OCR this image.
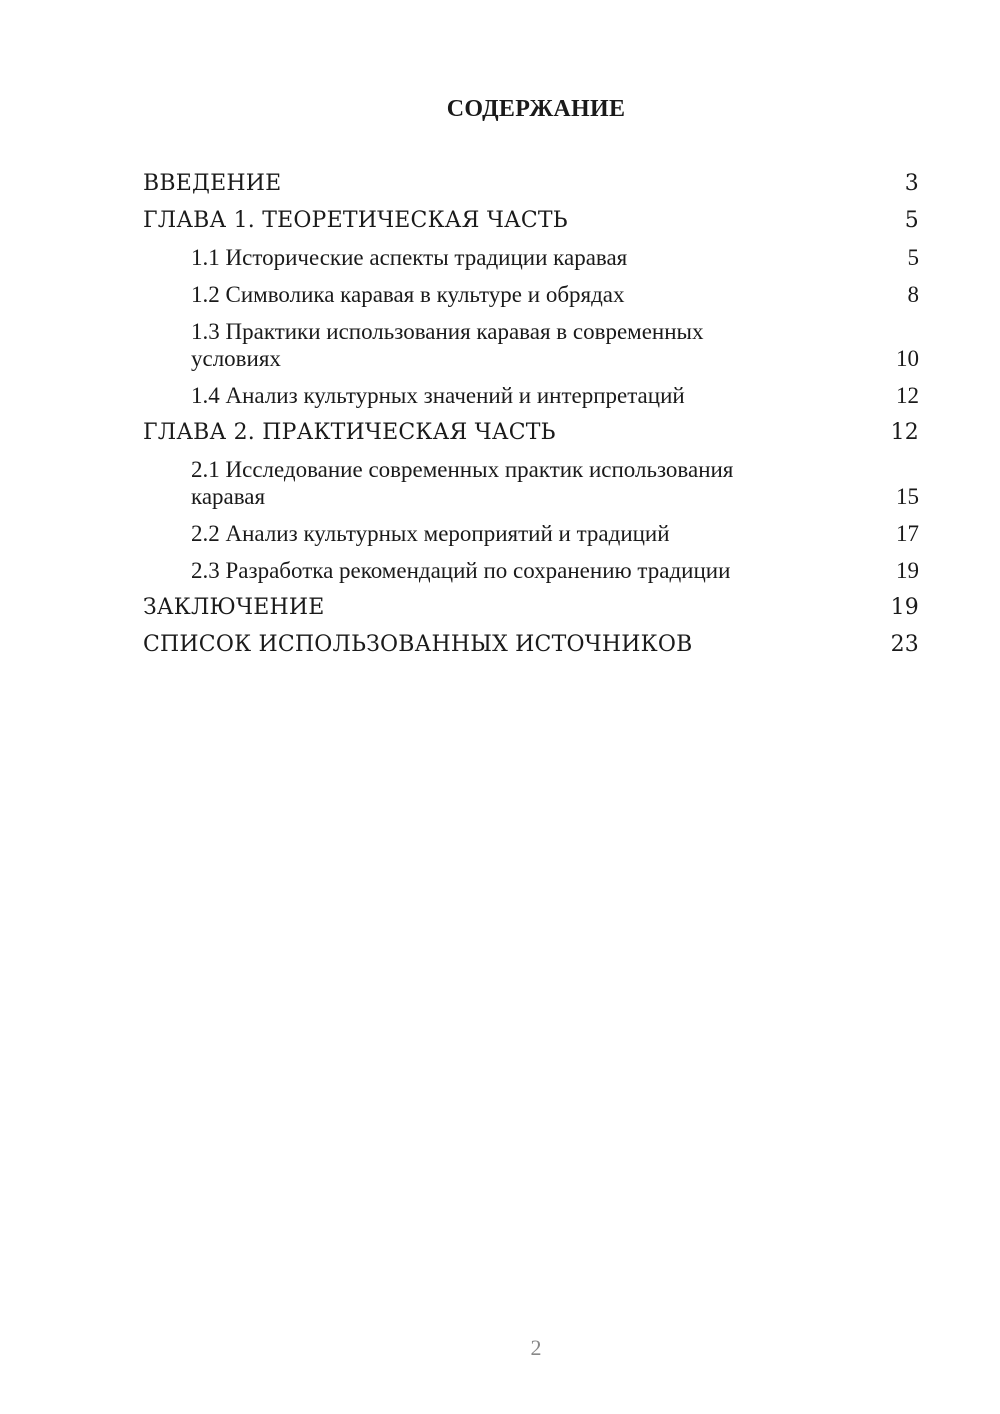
СОДЕРЖАНИЕ
ВВЕДЕНИЕ	3
ГЛАВА 1. ТЕОРЕТИЧЕСКАЯ ЧАСТЬ	5
1.1 Исторические аспекты традиции каравая	5
1.2 Символика каравая в культуре и обрядах	8
1.3 Практики использования каравая в современных условиях	10
1.4 Анализ культурных значений и интерпретаций	12
ГЛАВА 2. ПРАКТИЧЕСКАЯ ЧАСТЬ	12
2.1 Исследование современных практик использования каравая	15
2.2 Анализ культурных мероприятий и традиций	17
2.3 Разработка рекомендаций по сохранению традиции	19
ЗАКЛЮЧЕНИЕ	19
СПИСОК ИСПОЛЬЗОВАННЫХ ИСТОЧНИКОВ	23
2
